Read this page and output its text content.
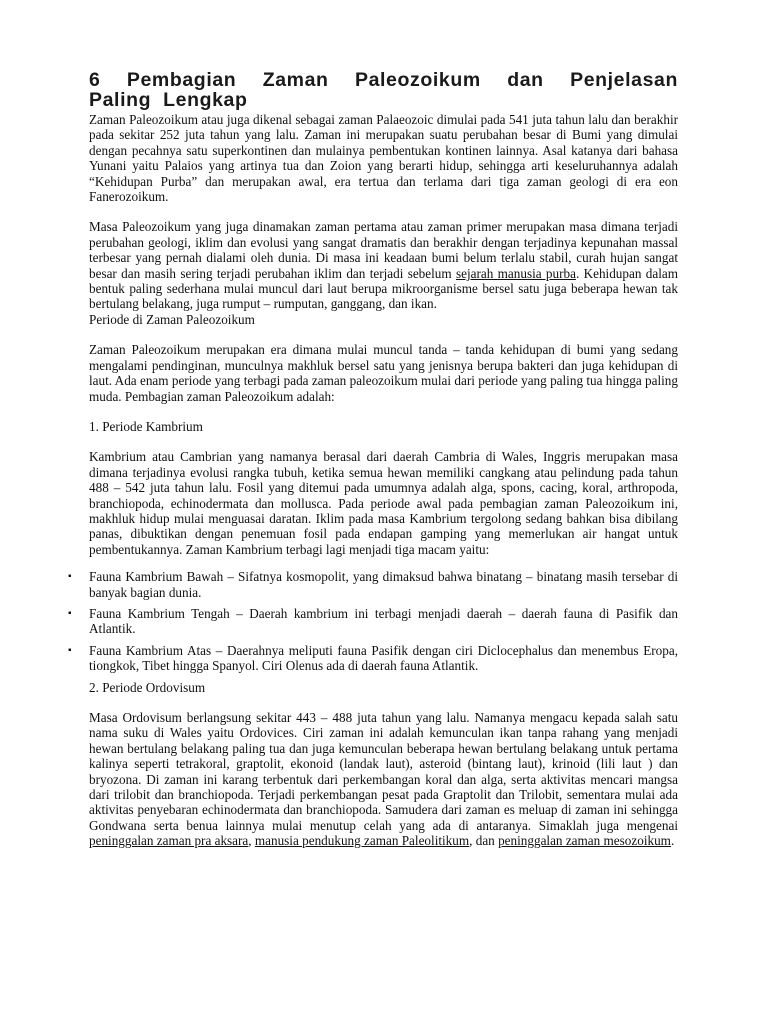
6 Pembagian Zaman Paleozoikum dan Penjelasan Paling Lengkap

Zaman Paleozoikum atau juga dikenal sebagai zaman Palaeozoic dimulai pada 541 juta tahun lalu dan berakhir pada sekitar 252 juta tahun yang lalu. Zaman ini merupakan suatu perubahan besar di Bumi yang dimulai dengan pecahnya satu superkontinen dan mulainya pembentukan kontinen lainnya. Asal katanya dari bahasa Yunani yaitu Palaios yang artinya tua dan Zoion yang berarti hidup, sehingga arti keseluruhannya adalah “Kehidupan Purba” dan merupakan awal, era tertua dan terlama dari tiga zaman geologi di era eon Fanerozoikum.

Masa Paleozoikum yang juga dinamakan zaman pertama atau zaman primer merupakan masa dimana terjadi perubahan geologi, iklim dan evolusi yang sangat dramatis dan berakhir dengan terjadinya kepunahan massal terbesar yang pernah dialami oleh dunia. Di masa ini keadaan bumi belum terlalu stabil, curah hujan sangat besar dan masih sering terjadi perubahan iklim dan terjadi sebelum sejarah manusia purba. Kehidupan dalam bentuk paling sederhana mulai muncul dari laut berupa mikroorganisme bersel satu juga beberapa hewan tak bertulang belakang, juga rumput – rumputan, ganggang, dan ikan.

Periode di Zaman Paleozoikum

Zaman Paleozoikum merupakan era dimana mulai muncul tanda – tanda kehidupan di bumi yang sedang mengalami pendinginan, munculnya makhluk bersel satu yang jenisnya berupa bakteri dan juga kehidupan di laut. Ada enam periode yang terbagi pada zaman paleozoikum mulai dari periode yang paling tua hingga paling muda. Pembagian zaman Paleozoikum adalah:

1. Periode Kambrium

Kambrium atau Cambrian yang namanya berasal dari daerah Cambria di Wales, Inggris merupakan masa dimana terjadinya evolusi rangka tubuh, ketika semua hewan memiliki cangkang atau pelindung pada tahun 488 – 542 juta tahun lalu. Fosil yang ditemui pada umumnya adalah alga, spons, cacing, koral, arthropoda, branchiopoda, echinodermata dan mollusca. Pada periode awal pada pembagian zaman Paleozoikum ini, makhluk hidup mulai menguasai daratan. Iklim pada masa Kambrium tergolong sedang bahkan bisa dibilang panas, dibuktikan dengan penemuan fosil pada endapan gamping yang memerlukan air hangat untuk pembentukannya. Zaman Kambrium terbagi lagi menjadi tiga macam yaitu:

▪ Fauna Kambrium Bawah – Sifatnya kosmopolit, yang dimaksud bahwa binatang – binatang masih tersebar di banyak bagian dunia.
▪ Fauna Kambrium Tengah – Daerah kambrium ini terbagi menjadi daerah – daerah fauna di Pasifik dan Atlantik.
▪ Fauna Kambrium Atas – Daerahnya meliputi fauna Pasifik dengan ciri Diclocephalus dan menembus Eropa, tiongkok, Tibet hingga Spanyol. Ciri Olenus ada di daerah fauna Atlantik.

2. Periode Ordovisum

Masa Ordovisum berlangsung sekitar 443 – 488 juta tahun yang lalu. Namanya mengacu kepada salah satu nama suku di Wales yaitu Ordovices. Ciri zaman ini adalah kemunculan ikan tanpa rahang yang menjadi hewan bertulang belakang paling tua dan juga kemunculan beberapa hewan bertulang belakang untuk pertama kalinya seperti tetrakoral, graptolit, ekonoid (landak laut), asteroid (bintang laut), krinoid (lili laut ) dan bryozona. Di zaman ini karang terbentuk dari perkembangan koral dan alga, serta aktivitas mencari mangsa dari trilobit dan branchiopoda. Terjadi perkembangan pesat pada Graptolit dan Trilobit, sementara mulai ada aktivitas penyebaran echinodermata dan branchiopoda. Samudera dari zaman es meluap di zaman ini sehingga Gondwana serta benua lainnya mulai menutup celah yang ada di antaranya. Simaklah juga mengenai peninggalan zaman pra aksara, manusia pendukung zaman Paleolitikum, dan peninggalan zaman mesozoikum.
